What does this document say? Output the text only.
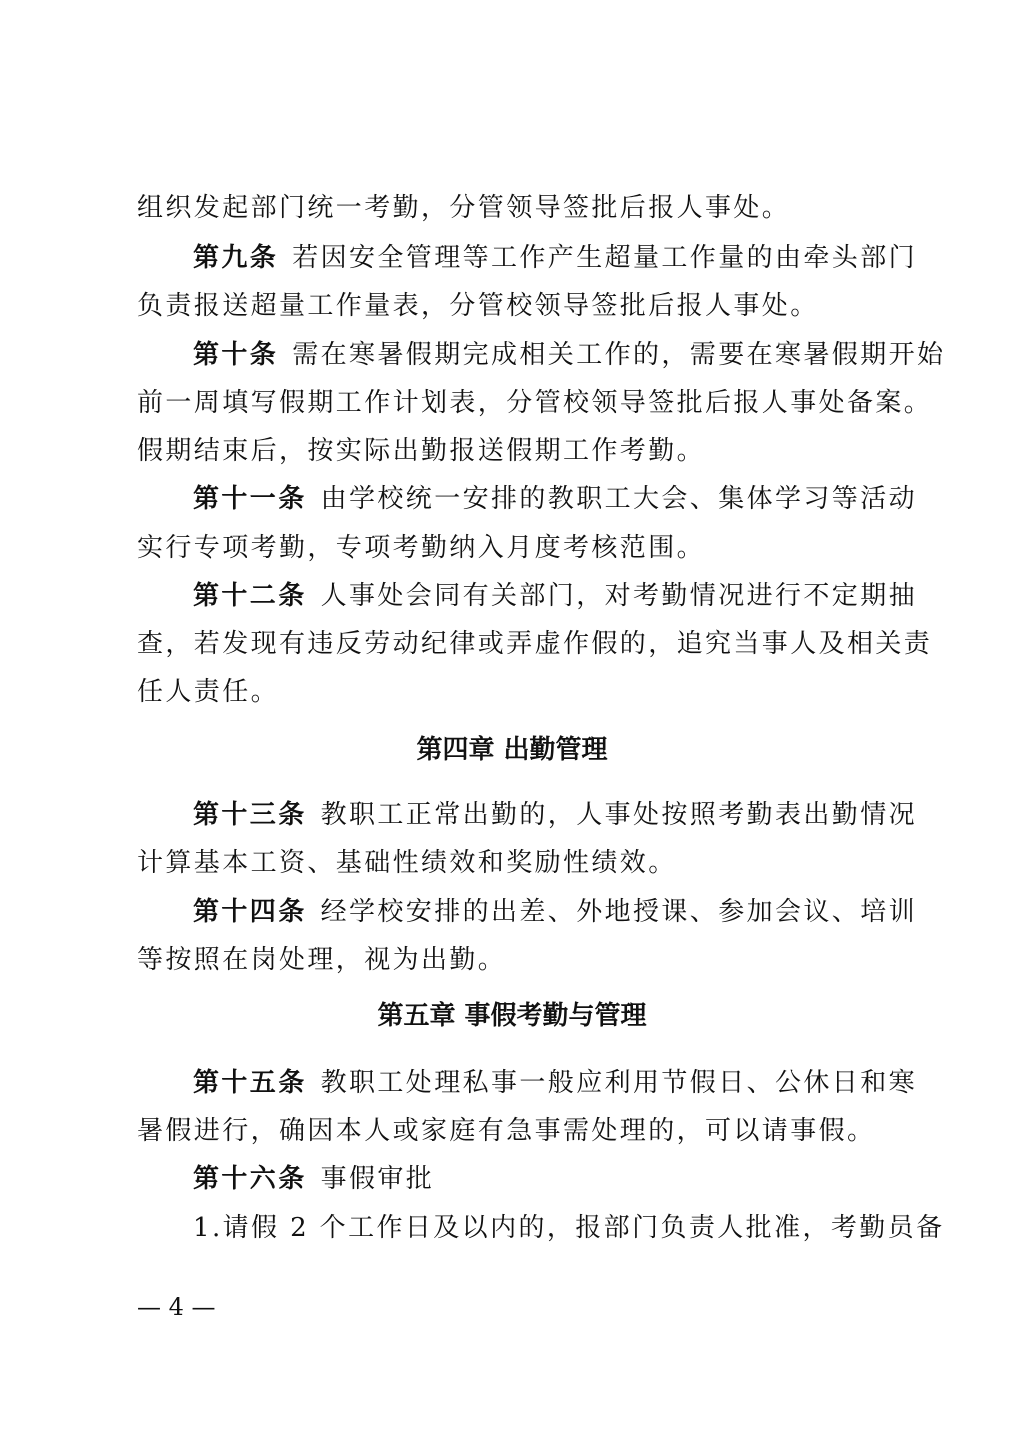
组织发起部门统一考勤，分管领导签批后报人事处。
第九条 若因安全管理等工作产生超量工作量的由牵头部门
负责报送超量工作量表，分管校领导签批后报人事处。
第十条 需在寒暑假期完成相关工作的，需要在寒暑假期开始
前一周填写假期工作计划表，分管校领导签批后报人事处备案。
假期结束后，按实际出勤报送假期工作考勤。
第十一条 由学校统一安排的教职工大会、集体学习等活动
实行专项考勤，专项考勤纳入月度考核范围。
第十二条 人事处会同有关部门，对考勤情况进行不定期抽
查，若发现有违反劳动纪律或弄虚作假的，追究当事人及相关责
任人责任。
第四章 出勤管理
第十三条 教职工正常出勤的，人事处按照考勤表出勤情况
计算基本工资、基础性绩效和奖励性绩效。
第十四条 经学校安排的出差、外地授课、参加会议、培训
等按照在岗处理，视为出勤。
第五章 事假考勤与管理
第十五条 教职工处理私事一般应利用节假日、公休日和寒
暑假进行，确因本人或家庭有急事需处理的，可以请事假。
第十六条 事假审批
1.请假 2 个工作日及以内的，报部门负责人批准，考勤员备
— 4 —
